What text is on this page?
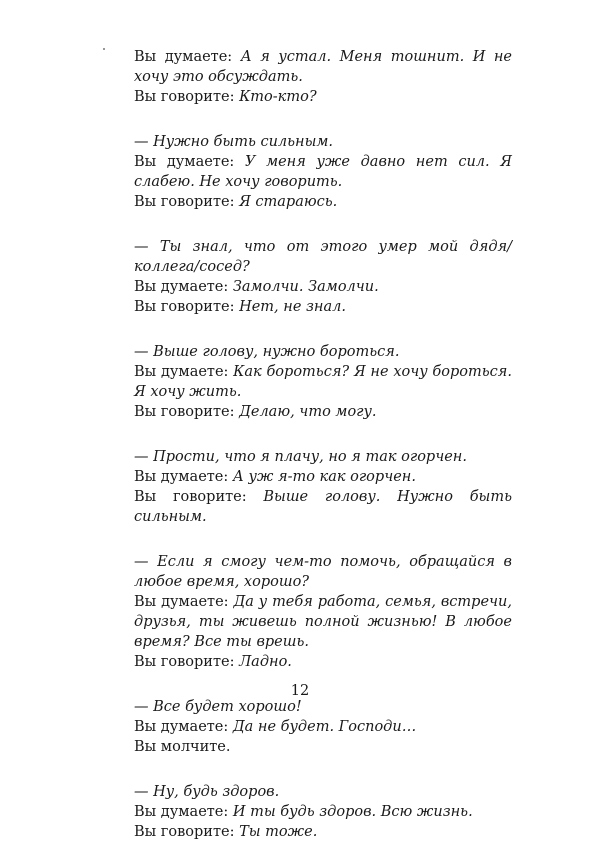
Вы думаете: А я устал. Меня тошнит. И не хочу это обсуждать.

Вы говорите: Кто-кто?

— Нужно быть сильным.

Вы думаете: У меня уже давно нет сил. Я слабею. Не хочу говорить.

Вы говорите: Я стараюсь.

— Ты знал, что от этого умер мой дядя/коллега/сосед?

Вы думаете: Замолчи. Замолчи.

Вы говорите: Нет, не знал.

— Выше голову, нужно бороться.

Вы думаете: Как бороться? Я не хочу бороться. Я хочу жить.

Вы говорите: Делаю, что могу.

— Прости, что я плачу, но я так огорчен.

Вы думаете: А уж я-то как огорчен.

Вы говорите: Выше голову. Нужно быть сильным.

— Если я смогу чем-то помочь, обращайся в любое время, хорошо?

Вы думаете: Да у тебя работа, семья, встречи, друзья, ты живешь полной жизнью! В любое время? Все ты врешь.

Вы говорите: Ладно.

— Все будет хорошо!

Вы думаете: Да не будет. Господи…

Вы молчите.

— Ну, будь здоров.

Вы думаете: И ты будь здоров. Всю жизнь.

Вы говорите: Ты тоже.

12
